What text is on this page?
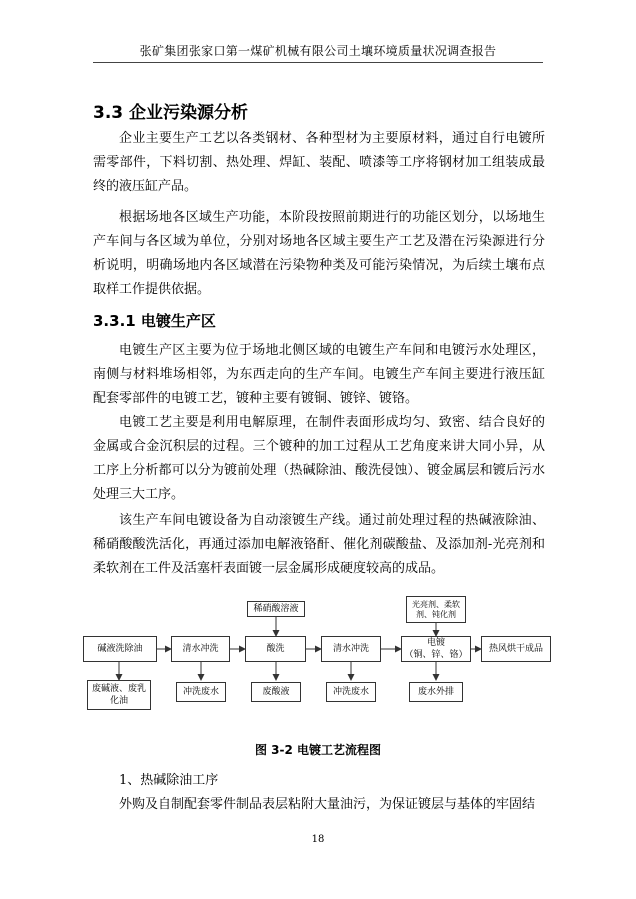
张矿集团张家口第一煤矿机械有限公司土壤环境质量状况调查报告
3.3 企业污染源分析

企业主要生产工艺以各类钢材、各种型材为主要原材料，通过自行电镀所需零部件，下料切割、热处理、焊缸、装配、喷漆等工序将钢材加工组装成最终的液压缸产品。

根据场地各区域生产功能，本阶段按照前期进行的功能区划分，以场地生产车间与各区域为单位，分别对场地各区域主要生产工艺及潜在污染源进行分析说明，明确场地内各区域潜在污染物种类及可能污染情况，为后续土壤布点取样工作提供依据。

3.3.1 电镀生产区

电镀生产区主要为位于场地北侧区域的电镀生产车间和电镀污水处理区，南侧与材料堆场相邻，为东西走向的生产车间。电镀生产车间主要进行液压缸配套零部件的电镀工艺，镀种主要有镀铜、镀锌、镀铬。

电镀工艺主要是利用电解原理，在制件表面形成均匀、致密、结合良好的金属或合金沉积层的过程。三个镀种的加工过程从工艺角度来讲大同小异，从工序上分析都可以分为镀前处理（热碱除油、酸洗侵蚀）、镀金属层和镀后污水处理三大工序。

该生产车间电镀设备为自动滚镀生产线。通过前处理过程的热碱液除油、稀硝酸酸洗活化，再通过添加电解液铬酐、催化剂碳酸盐、及添加剂-光亮剂和柔软剂在工件及活塞杆表面镀一层金属形成硬度较高的成品。

碱液洗除油	清水冲洗	酸洗	清水冲洗
电镀
（铜、锌、铬）
热风烘干成品
稀硝酸溶液	光亮剂、柔软剂、钝化剂
废碱液、废乳化油
冲洗废水	废酸液	冲洗废水	废水外排
图 3-2 电镀工艺流程图
1、热碱除油工序

外购及自制配套零件制品表层粘附大量油污，为保证镀层与基体的牢固结

18
